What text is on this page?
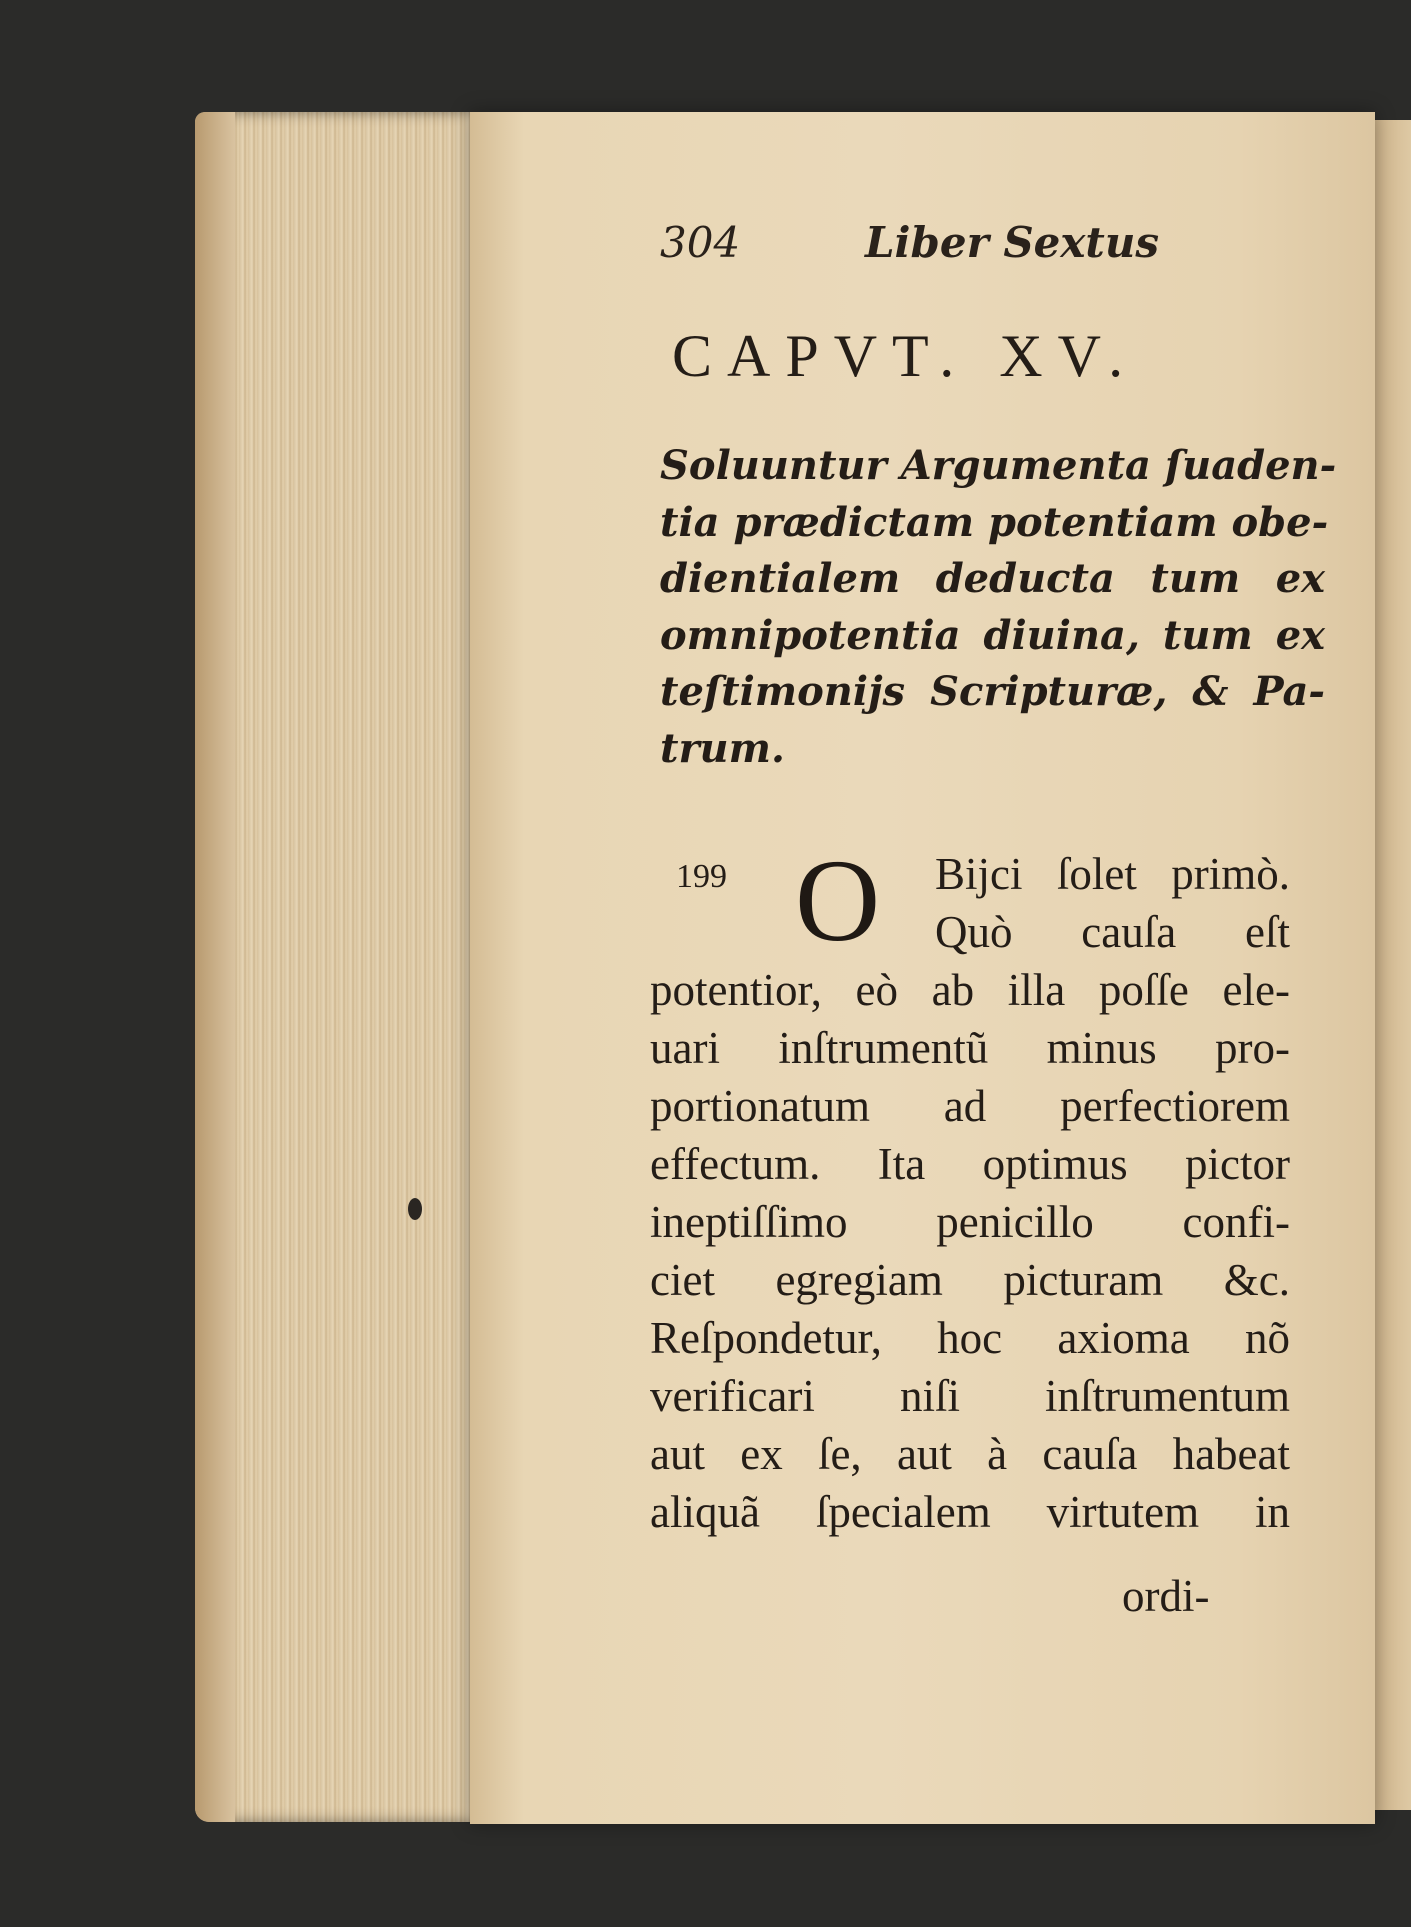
304	Liber Sextus
CAPVT. XV.
Soluuntur Argumenta ſuaden-
tia prædictam potentiam obe-
dientialem deducta tum ex
omnipotentia diuina, tum ex
teſtimonijs Scripturæ, & Pa-
trum.
199 O	Bijci ſolet primò.
Quò cauſa eſt
potentior, eò ab illa poſſe ele-
uari inſtrumentũ minus pro-
portionatum ad perfectiorem
effectum. Ita optimus pictor
ineptiſſimo penicillo confi-
ciet egregiam picturam &c.
Reſpondetur, hoc axioma nõ
verificari niſi inſtrumentum
aut ex ſe, aut à cauſa habeat
aliquã ſpecialem virtutem in
ordi-
